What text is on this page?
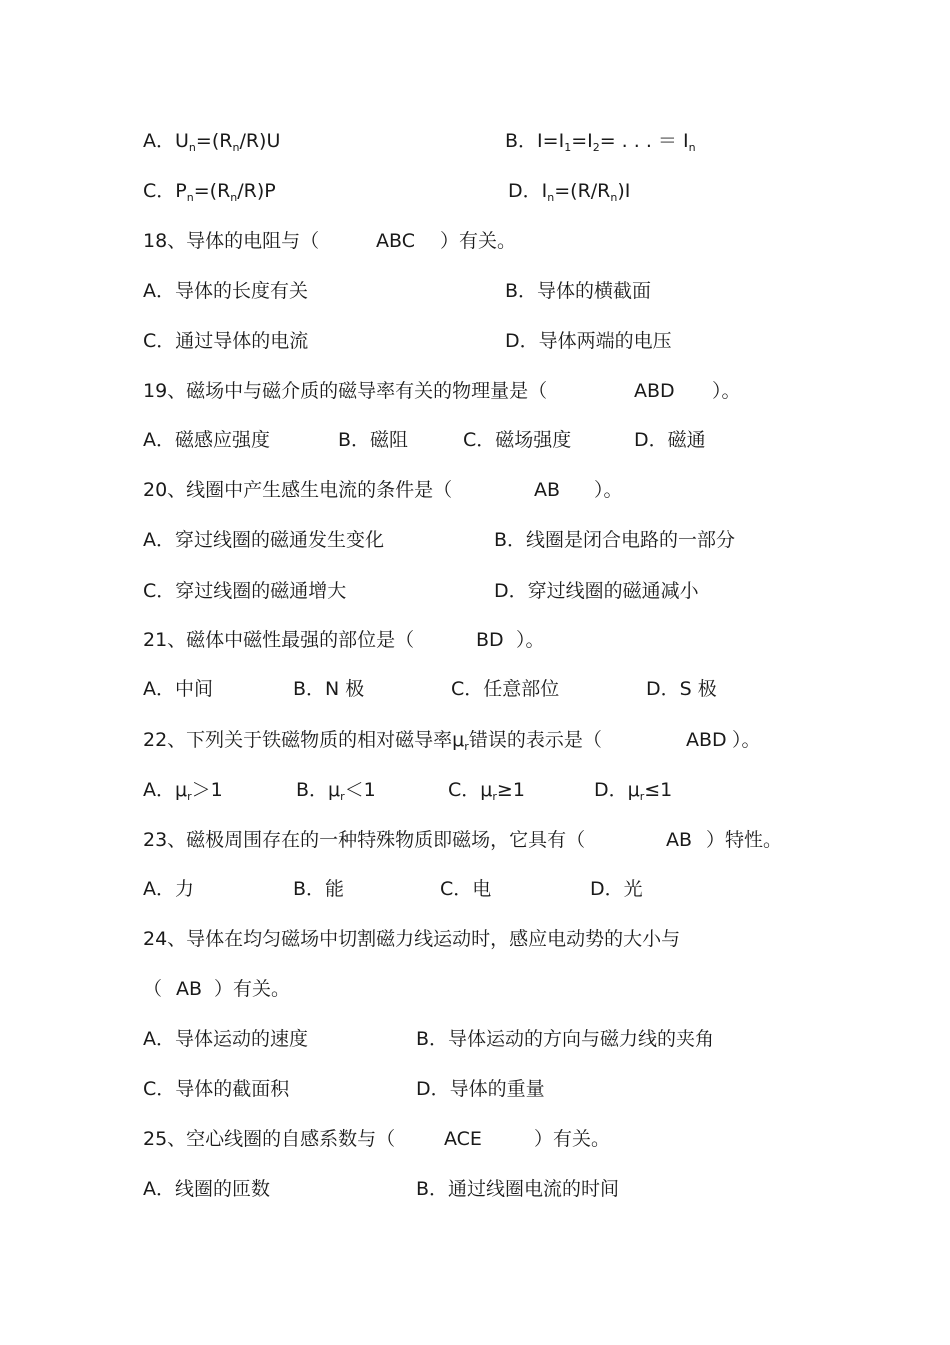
A．$U_n=(R_n/R)U$	B．$I=I_1=I_2=$ . . . ＝ $I_n$
C．$P_n=(R_n/R)P$	D．$I_n=(R/R_n)I$
18、导体的电阻与（	ABC ）有关。
A．导体的长度有关	B．导体的横截面
C．通过导体的电流	D．导体两端的电压
19、磁场中与磁介质的磁导率有关的物理量是（	ABD ）。
A．磁感应强度	B．磁阻	C．磁场强度	D．磁通
20、线圈中产生感生电流的条件是（	AB ）。
A．穿过线圈的磁通发生变化	B．线圈是闭合电路的一部分
C．穿过线圈的磁通增大	D．穿过线圈的磁通减小
21、磁体中磁性最强的部位是（	BD ）。
A．中间	B．N 极	C．任意部位	D．S 极
22、下列关于铁磁物质的相对磁导率$\mu_r$错误的表示是（	ABD ）。
A．$\mu_r>1$	B．$\mu_r<1$	C．$\mu_r\ge 1$	D．$\mu_r\le 1$
23、磁极周围存在的一种特殊物质即磁场，它具有（	AB ）特性。
A．力	B．能	C．电	D．光
24、导体在均匀磁场中切割磁力线运动时，感应电动势的大小与
（ AB ）有关。
A．导体运动的速度	B．导体运动的方向与磁力线的夹角
C．导体的截面积	D．导体的重量
25、空心线圈的自感系数与（	ACE	）有关。
A．线圈的匝数	B．通过线圈电流的时间
